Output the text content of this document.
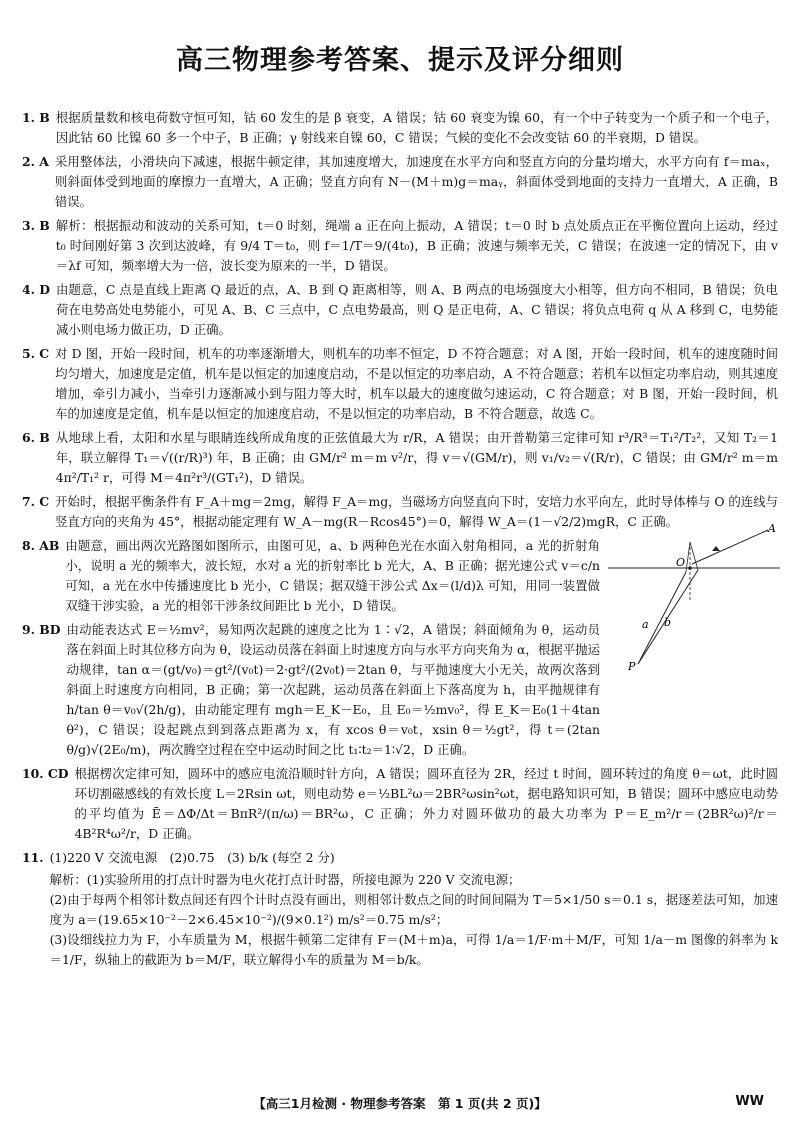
高三物理参考答案、提示及评分细则
1. B 根据质量数和核电荷数守恒可知，钴 60 发生的是 β 衰变，A 错误；钴 60 衰变为镍 60，有一个中子转变为一个质子和一个电子，因此钴 60 比镍 60 多一个中子，B 正确；γ 射线来自镍 60，C 错误；气候的变化不会改变钴 60 的半衰期，D 错误。
2. A 采用整体法，小滑块向下减速，根据牛顿定律，其加速度增大，加速度在水平方向和竖直方向的分量均增大，水平方向有 f＝maₓ，则斜面体受到地面的摩擦力一直增大，A 正确；竖直方向有 N－(M＋m)g＝maᵧ，斜面体受到地面的支持力一直增大，A 正确，B 错误。
3. B 解析：根据振动和波动的关系可知，t＝0 时刻，绳端 a 正在向上振动，A 错误；t＝0 时 b 点处质点正在平衡位置向上运动，经过 t₀ 时间刚好第 3 次到达波峰，有 9/4 T＝t₀，则 f＝1/T＝9/(4t₀)，B 正确；波速与频率无关，C 错误；在波速一定的情况下，由 v＝λf 可知，频率增大为一倍，波长变为原来的一半，D 错误。
4. D 由题意，C 点是直线上距离 Q 最近的点，A、B 到 Q 距离相等，则 A、B 两点的电场强度大小相等，但方向不相同，B 错误；负电荷在电势高处电势能小，可见 A、B、C 三点中，C 点电势最高，则 Q 是正电荷，A、C 错误；将负点电荷 q 从 A 移到 C，电势能减小则电场力做正功，D 正确。
5. C 对 D 图，开始一段时间，机车的功率逐渐增大，则机车的功率不恒定，D 不符合题意；对 A 图，开始一段时间，机车的速度随时间均匀增大，加速度是定值，机车是以恒定的加速度启动，不是以恒定的功率启动，A 不符合题意；若机车以恒定功率启动，则其速度增加，牵引力减小，当牵引力逐渐减小到与阻力等大时，机车以最大的速度做匀速运动，C 符合题意；对 B 图，开始一段时间，机车的加速度是定值，机车是以恒定的加速度启动，不是以恒定的功率启动，B 不符合题意，故选 C。
6. B 从地球上看，太阳和水星与眼睛连线所成角度的正弦值最大为 r/R，A 错误；由开普勒第三定律可知 r³/R³＝T₁²/T₂²，又知 T₂＝1年，联立解得 T₁＝√((r/R)³) 年，B 正确；由 GM/r² m＝m v²/r，得 v＝√(GM/r)，则 v₁/v₂＝√(R/r)，C 错误；由 GM/r² m＝m 4π²/T₁² r，可得 M＝4π²r³/(GT₁²)，D 错误。
7. C 开始时，根据平衡条件有 F_A＋mg＝2mg，解得 F_A＝mg，当磁场方向竖直向下时，安培力水平向左，此时导体棒与 O 的连线与竖直方向的夹角为 45°，根据动能定理有 W_A－mg(R－Rcos45°)＝0，解得 W_A＝(1－√2/2)mgR，C 正确。
8. AB 由题意，画出两次光路图如图所示，由图可见，a、b 两种色光在水面入射角相同，a 光的折射角小，说明 a 光的频率大，波长短，水对 a 光的折射率比 b 光大，A、B 正确；据光速公式 v＝c/n 可知，a 光在水中传播速度比 b 光小，C 错误；据双缝干涉公式 Δx＝(l/d)λ 可知，用同一装置做双缝干涉实验，a 光的相邻干涉条纹间距比 b 光小，D 错误。
9. BD 由动能表达式 E＝½mv²，易知两次起跳的速度之比为 1∶√2，A 错误；斜面倾角为 θ，运动员落在斜面上时其位移方向为 θ，设运动员落在斜面上时速度方向与水平方向夹角为 α，根据平抛运动规律，tan α＝(gt/v₀)＝gt²/(v₀t)＝2·gt²/(2v₀t)＝2tan θ，与平抛速度大小无关，故两次落到斜面上时速度方向相同，B 正确；第一次起跳，运动员落在斜面上下落高度为 h，由平抛规律有 h/tan θ＝v₀√(2h/g)，由动能定理有 mgh＝E_K－E₀，且 E₀＝½mv₀²，得 E_K＝E₀(1＋4tan θ²)，C 错误；设起跳点到到落点距离为 x，有 xcos θ＝v₀t，xsin θ＝½gt²，得 t＝(2tan θ/g)√(2E₀/m)，两次腾空过程在空中运动时间之比 t₁∶t₂＝1∶√2，D 正确。
10. CD 根据楞次定律可知，圆环中的感应电流沿顺时针方向，A 错误；圆环直径为 2R，经过 t 时间，圆环转过的角度 θ＝ωt，此时圆环切割磁感线的有效长度 L＝2Rsin ωt，则电动势 e＝½BL²ω＝2BR²ωsin²ωt，据电路知识可知，B 错误；圆环中感应电动势的平均值为 Ē＝ΔΦ/Δt＝BπR²/(π/ω)＝BR²ω，C 正确；外力对圆环做功的最大功率为 P＝E_m²/r＝(2BR²ω)²/r＝4B²R⁴ω²/r，D 正确。
11. (1)220 V 交流电源　(2)0.75　(3) b/k (每空 2 分)

解析：(1)实验所用的打点计时器为电火花打点计时器，所接电源为 220 V 交流电源；

(2)由于每两个相邻计数点间还有四个计时点没有画出，则相邻计数点之间的时间间隔为 T＝5×1/50 s＝0.1 s，据逐差法可知，加速度为 a＝(19.65×10⁻²－2×6.45×10⁻²)/(9×0.1²) m/s²＝0.75 m/s²；

(3)设细线拉力为 F，小车质量为 M，根据牛顿第二定律有 F＝(M＋m)a，可得 1/a＝1/F·m＋M/F，可知 1/a－m 图像的斜率为 k＝1/F，纵轴上的截距为 b＝M/F，联立解得小车的质量为 M＝b/k。

A
O
a b
P
【高三1月检测 · 物理参考答案　第 1 页(共 2 页)】	WW
